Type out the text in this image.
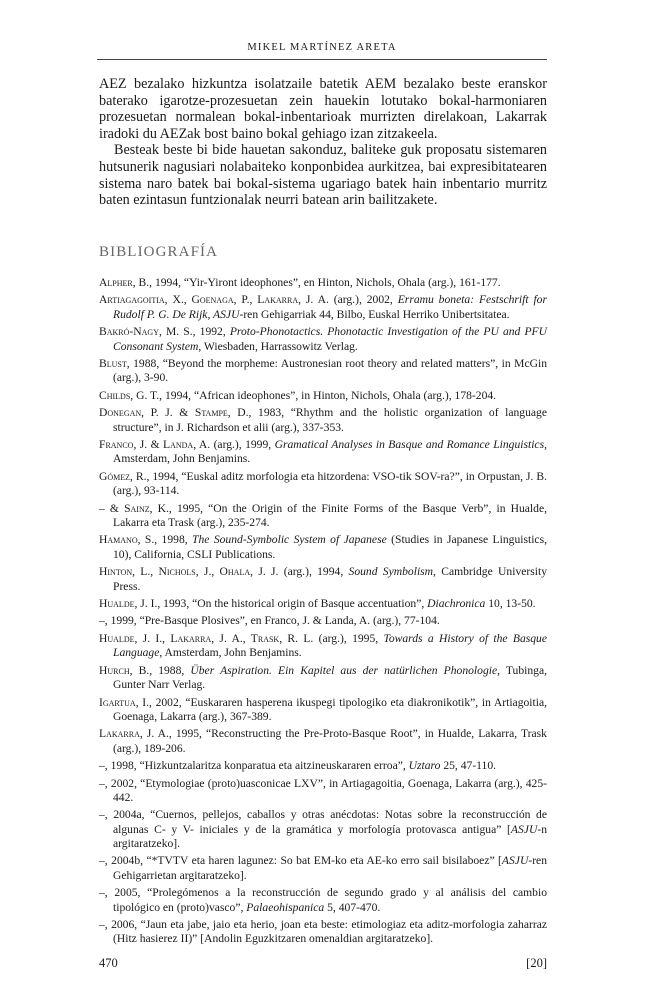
MIKEL MARTÍNEZ ARETA

AEZ bezalako hizkuntza isolatzaile batetik AEM bezalako beste eranskor baterako igarotze-prozesuetan zein hauekin lotutako bokal-harmoniaren prozesuetan normalean bokal-inbentarioak murrizten direlakoan, Lakarrak iradoki du AEZak bost baino bokal gehiago izan zitzakeela.

Besteak beste bi bide hauetan sakonduz, baliteke guk proposatu sistemaren hutsunerik nagusiari nolabaiteko konponbidea aurkitzea, bai expresibitatearen sistema naro batek bai bokal-sistema ugariago batek hain inbentario murritz baten ezintasun funtzionalak neurri batean arin bailitzakete.

BIBLIOGRAFÍA

Alpher, B., 1994, “Yir-Yiront ideophones”, en Hinton, Nichols, Ohala (arg.), 161-177.

Artiagagoitia, X., Goenaga, P., Lakarra, J. A. (arg.), 2002, Erramu boneta: Festschrift for Rudolf P. G. De Rijk, ASJU-ren Gehigarriak 44, Bilbo, Euskal Herriko Unibertsitatea.

Bakró-Nagy, M. S., 1992, Proto-Phonotactics. Phonotactic Investigation of the PU and PFU Consonant System, Wiesbaden, Harrassowitz Verlag.

Blust, 1988, “Beyond the morpheme: Austronesian root theory and related matters”, in McGin (arg.), 3-90.

Childs, G. T., 1994, “African ideophones”, in Hinton, Nichols, Ohala (arg.), 178-204.

Donegan, P. J. & Stampe, D., 1983, “Rhythm and the holistic organization of language structure”, in J. Richardson et alii (arg.), 337-353.

Franco, J. & Landa, A. (arg.), 1999, Gramatical Analyses in Basque and Romance Linguistics, Amsterdam, John Benjamins.

Gómez, R., 1994, “Euskal aditz morfologia eta hitzordena: VSO-tik SOV-ra?”, in Orpustan, J. B. (arg.), 93-114.

– & Sainz, K., 1995, “On the Origin of the Finite Forms of the Basque Verb”, in Hualde, Lakarra eta Trask (arg.), 235-274.

Hamano, S., 1998, The Sound-Symbolic System of Japanese (Studies in Japanese Linguistics, 10), California, CSLI Publications.

Hinton, L., Nichols, J., Ohala, J. J. (arg.), 1994, Sound Symbolism, Cambridge University Press.

Hualde, J. I., 1993, “On the historical origin of Basque accentuation”, Diachronica 10, 13-50.

–, 1999, “Pre-Basque Plosives”, en Franco, J. & Landa, A. (arg.), 77-104.

Hualde, J. I., Lakarra, J. A., Trask, R. L. (arg.), 1995, Towards a History of the Basque Language, Amsterdam, John Benjamins.

Hurch, B., 1988, Über Aspiration. Ein Kapitel aus der natürlichen Phonologie, Tubinga, Gunter Narr Verlag.

Igartua, I., 2002, “Euskararen hasperena ikuspegi tipologiko eta diakronikotik”, in Artiagoitia, Goenaga, Lakarra (arg.), 367-389.

Lakarra, J. A., 1995, “Reconstructing the Pre-Proto-Basque Root”, in Hualde, Lakarra, Trask (arg.), 189-206.

–, 1998, “Hizkuntzalaritza konparatua eta aitzineuskararen erroa”, Uztaro 25, 47-110.

–, 2002, “Etymologiae (proto)uasconicae LXV”, in Artiagagoitia, Goenaga, Lakarra (arg.), 425-442.

–, 2004a, “Cuernos, pellejos, caballos y otras anécdotas: Notas sobre la reconstrucción de algunas C- y V- iniciales y de la gramática y morfología protovasca antigua” [ASJU-n argitaratzeko].

–, 2004b, “*TVTV eta haren lagunez: So bat EM-ko eta AE-ko erro sail bisilaboez” [ASJU-ren Gehigarrietan argitaratzeko].

–, 2005, “Prolegómenos a la reconstrucción de segundo grado y al análisis del cambio tipológico en (proto)vasco”, Palaeohispanica 5, 407-470.

–, 2006, “Jaun eta jabe, jaio eta herio, joan eta beste: etimologiaz eta aditz-morfologia zaharraz (Hitz hasierez II)” [Andolin Eguzkitzaren omenaldian argitaratzeko].

470	[20]
